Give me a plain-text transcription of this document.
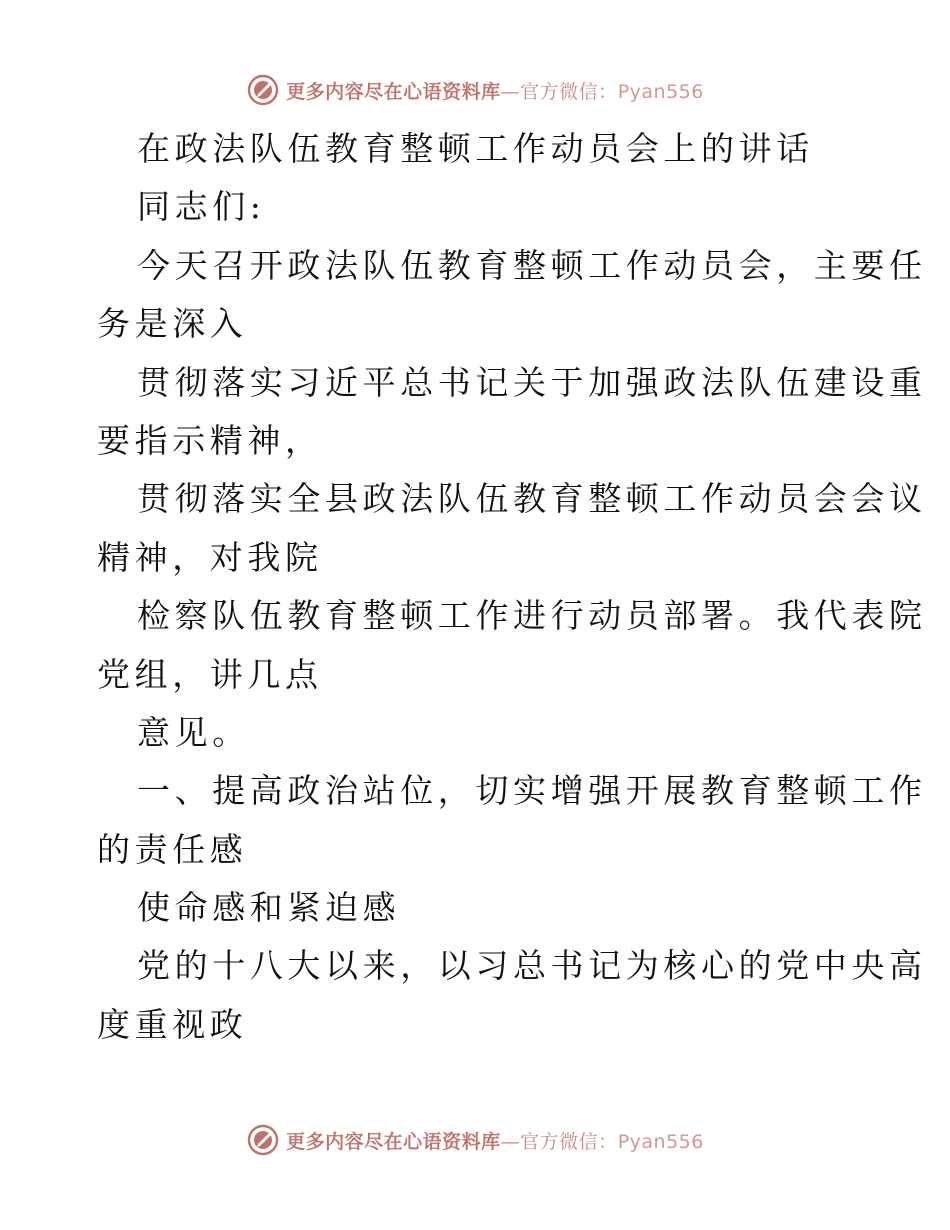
更多内容尽在心语资料库—官方微信：Pyan556
在政法队伍教育整顿工作动员会上的讲话
同志们:
今天召开政法队伍教育整顿工作动员会，主要任
务是深入
贯彻落实习近平总书记关于加强政法队伍建设重
要指示精神，
贯彻落实全县政法队伍教育整顿工作动员会会议
精神，对我院
检察队伍教育整顿工作进行动员部署。我代表院
党组，讲几点
意见。
一、提高政治站位，切实增强开展教育整顿工作
的责任感
使命感和紧迫感
党的十八大以来，以习总书记为核心的党中央高
度重视政
更多内容尽在心语资料库—官方微信：Pyan556
